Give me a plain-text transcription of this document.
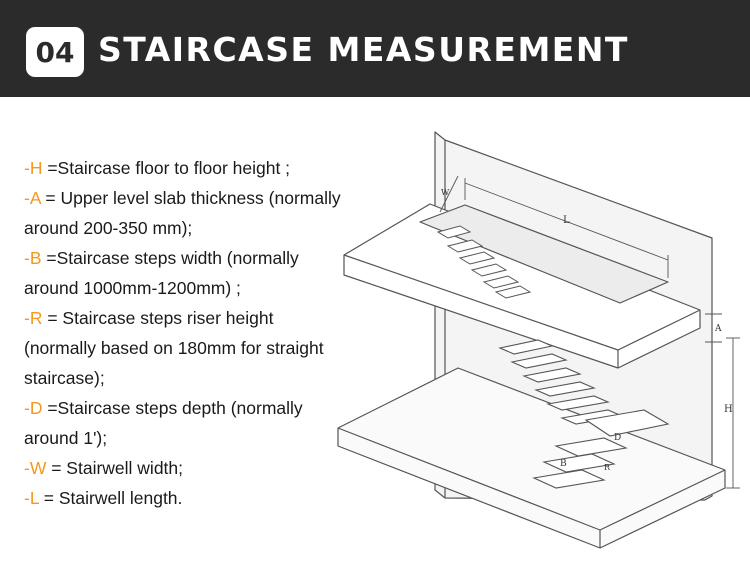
04 STAIRCASE MEASUREMENT

-H =Staircase floor to floor height ;

-A = Upper level slab thickness (normally

around 200-350 mm);

-B =Staircase steps width (normally

around 1000mm-1200mm) ;

-R = Staircase steps riser height

(normally based on 180mm for straight

staircase);

-D =Staircase steps depth (normally

around 1');

-W = Stairwell width;

-L = Stairwell length.

L
W
A
H
D
B	R
